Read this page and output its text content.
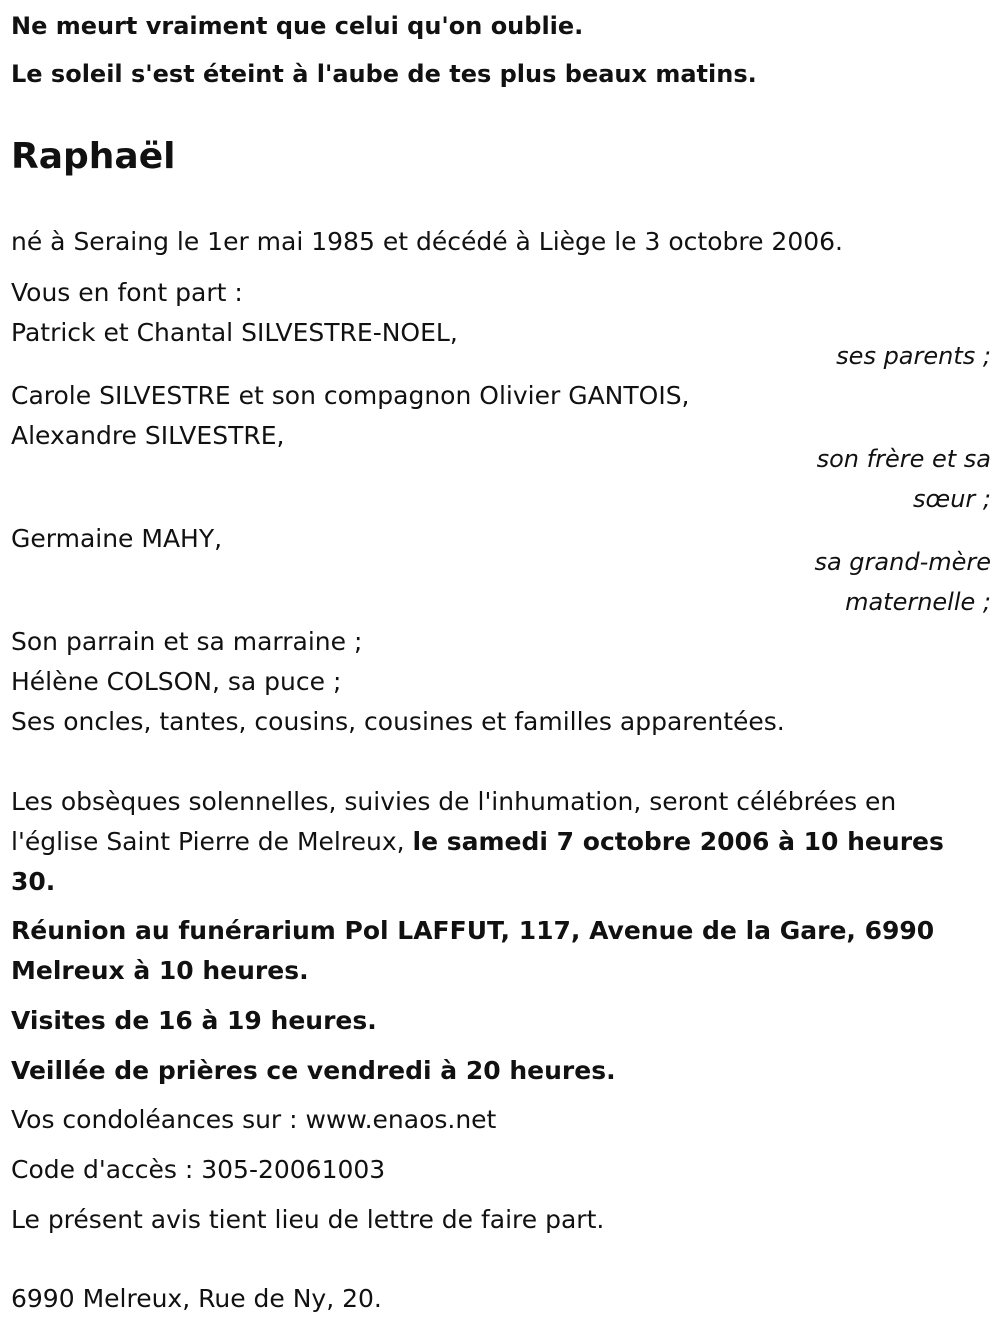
Ne meurt vraiment que celui qu'on oublie.
Le soleil s'est éteint à l'aube de tes plus beaux matins.
Raphaël
né à Seraing le 1er mai 1985 et décédé à Liège le 3 octobre 2006.
Vous en font part :
Patrick et Chantal SILVESTRE-NOEL,
ses parents ;
Carole SILVESTRE et son compagnon Olivier GANTOIS,
Alexandre SILVESTRE,
son frère et sa
sœur ;
Germaine MAHY,
sa grand-mère
maternelle ;
Son parrain et sa marraine ;
Hélène COLSON, sa puce ;
Ses oncles, tantes, cousins, cousines et familles apparentées.
Les obsèques solennelles, suivies de l'inhumation, seront célébrées en
l'église Saint Pierre de Melreux, le samedi 7 octobre 2006 à 10 heures
30.
Réunion au funérarium Pol LAFFUT, 117, Avenue de la Gare, 6990
Melreux à 10 heures.
Visites de 16 à 19 heures.
Veillée de prières ce vendredi à 20 heures.
Vos condoléances sur : www.enaos.net
Code d'accès : 305-20061003
Le présent avis tient lieu de lettre de faire part.
6990 Melreux, Rue de Ny, 20.
